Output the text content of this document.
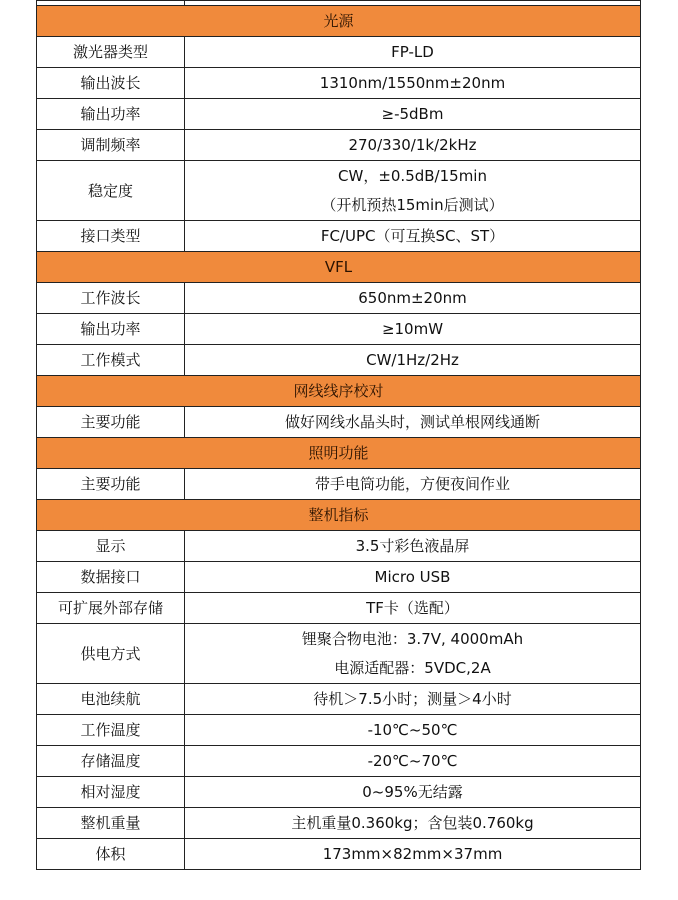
光源	
激光器类型	FP-LD

输出波长	1310nm/1550nm±20nm

输出功率	≥-5dBm

调制频率	270/330/1k/2kHz

稳定度	CW，±0.5dB/15min
（开机预热15min后测试）

接口类型	FC/UPC（可互换SC、ST）

VFL	
工作波长	650nm±20nm

输出功率	≥10mW

工作模式	CW/1Hz/2Hz

网线线序校对	
主要功能	做好网线水晶头时，测试单根网线通断

照明功能	
主要功能	带手电筒功能，方便夜间作业

整机指标	
显示	3.5寸彩色液晶屏

数据接口	Micro USB

可扩展外部存储	TF卡（选配）

供电方式	锂聚合物电池：3.7V, 4000mAh
电源适配器：5VDC,2A

电池续航	待机＞7.5小时；测量＞4小时

工作温度	-10℃~50℃

存储温度	-20℃~70℃

相对湿度	0~95%无结露

整机重量	主机重量0.360kg；含包装0.760kg

体积	173mm×82mm×37mm
